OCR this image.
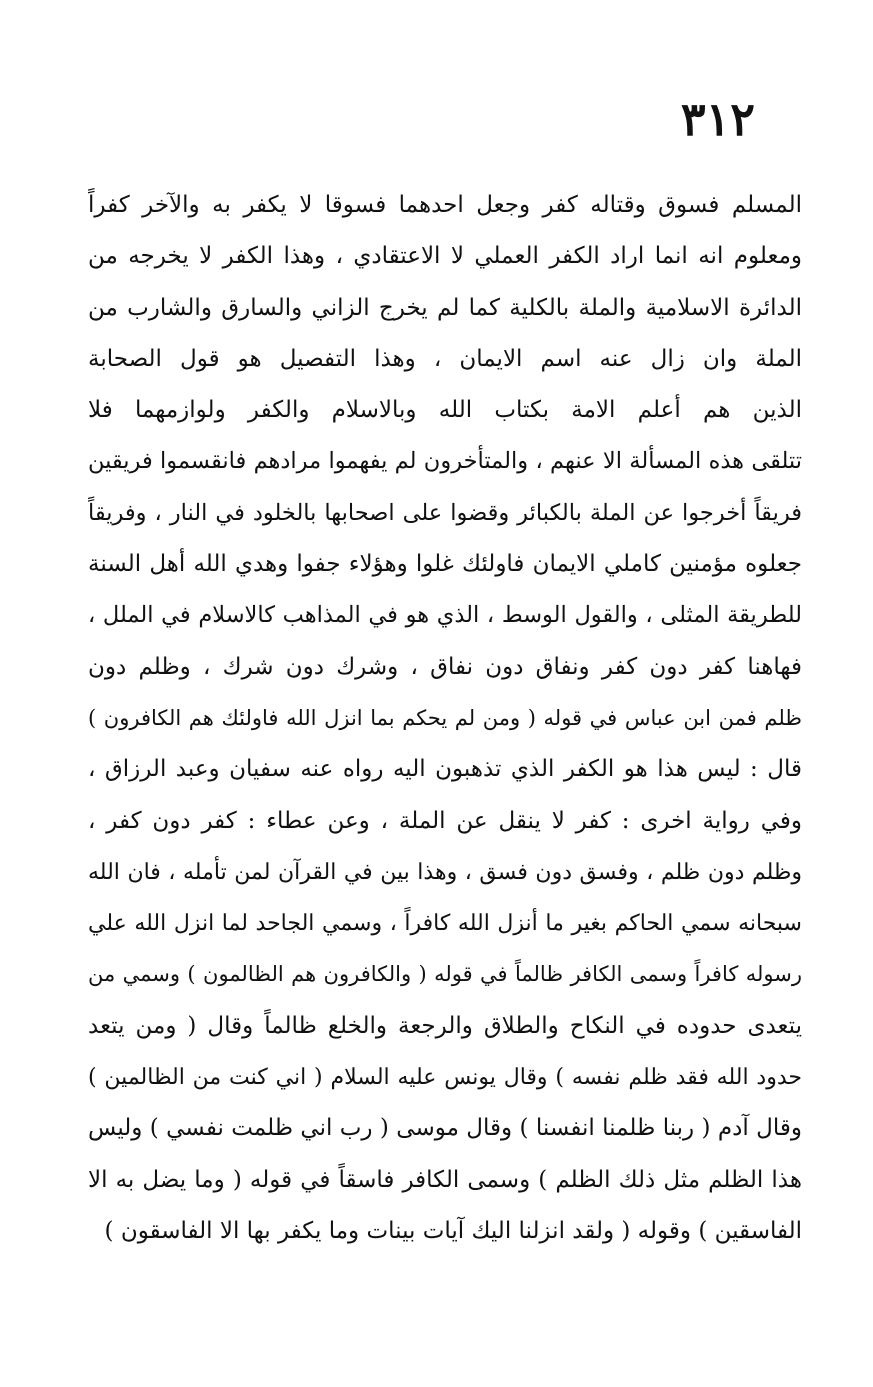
٣١٢
المسلم فسوق وقتاله كفر وجعل احدهما فسوقا لا يكفر به والآخر كفراً
ومعلوم انه انما اراد الكفر العملي لا الاعتقادي ، وهذا الكفر لا يخرجه من
الدائرة الاسلامية والملة بالكلية كما لم يخرج الزاني والسارق والشارب من
الملة وان زال عنه اسم الايمان ، وهذا التفصيل هو قول الصحابة
الذين هم أعلم الامة بكتاب الله وبالاسلام والكفر ولوازمهما فلا
تتلقى هذه المسألة الا عنهم ، والمتأخرون لم يفهموا مرادهم فانقسموا فريقين
فريقاً أخرجوا عن الملة بالكبائر وقضوا على اصحابها بالخلود في النار ، وفريقاً
جعلوه مؤمنين كاملي الايمان فاولئك غلوا وهؤلاء جفوا وهدي الله أهل السنة
للطريقة المثلى ، والقول الوسط ، الذي هو في المذاهب كالاسلام في الملل ،
فهاهنا كفر دون كفر ونفاق دون نفاق ، وشرك دون شرك ، وظلم دون
ظلم فمن ابن عباس في قوله ( ومن لم يحكم بما انزل الله فاولئك هم الكافرون )
قال : ليس هذا هو الكفر الذي تذهبون اليه رواه عنه سفيان وعبد الرزاق ،
وفي رواية اخرى : كفر لا ينقل عن الملة ، وعن عطاء : كفر دون كفر ،
وظلم دون ظلم ، وفسق دون فسق ، وهذا بين في القرآن لمن تأمله ، فان الله
سبحانه سمي الحاكم بغير ما أنزل الله كافراً ، وسمي الجاحد لما انزل الله علي
رسوله كافراً وسمى الكافر ظالماً في قوله ( والكافرون هم الظالمون ) وسمي من
يتعدى حدوده في النكاح والطلاق والرجعة والخلع ظالماً وقال ( ومن يتعد
حدود الله فقد ظلم نفسه ) وقال يونس عليه السلام ( اني كنت من الظالمين )
وقال آدم ( ربنا ظلمنا انفسنا ) وقال موسى ( رب اني ظلمت نفسي ) وليس
هذا الظلم مثل ذلك الظلم ) وسمى الكافر فاسقاً في قوله ( وما يضل به الا
الفاسقين ) وقوله ( ولقد انزلنا اليك آيات بينات وما يكفر بها الا الفاسقون )
